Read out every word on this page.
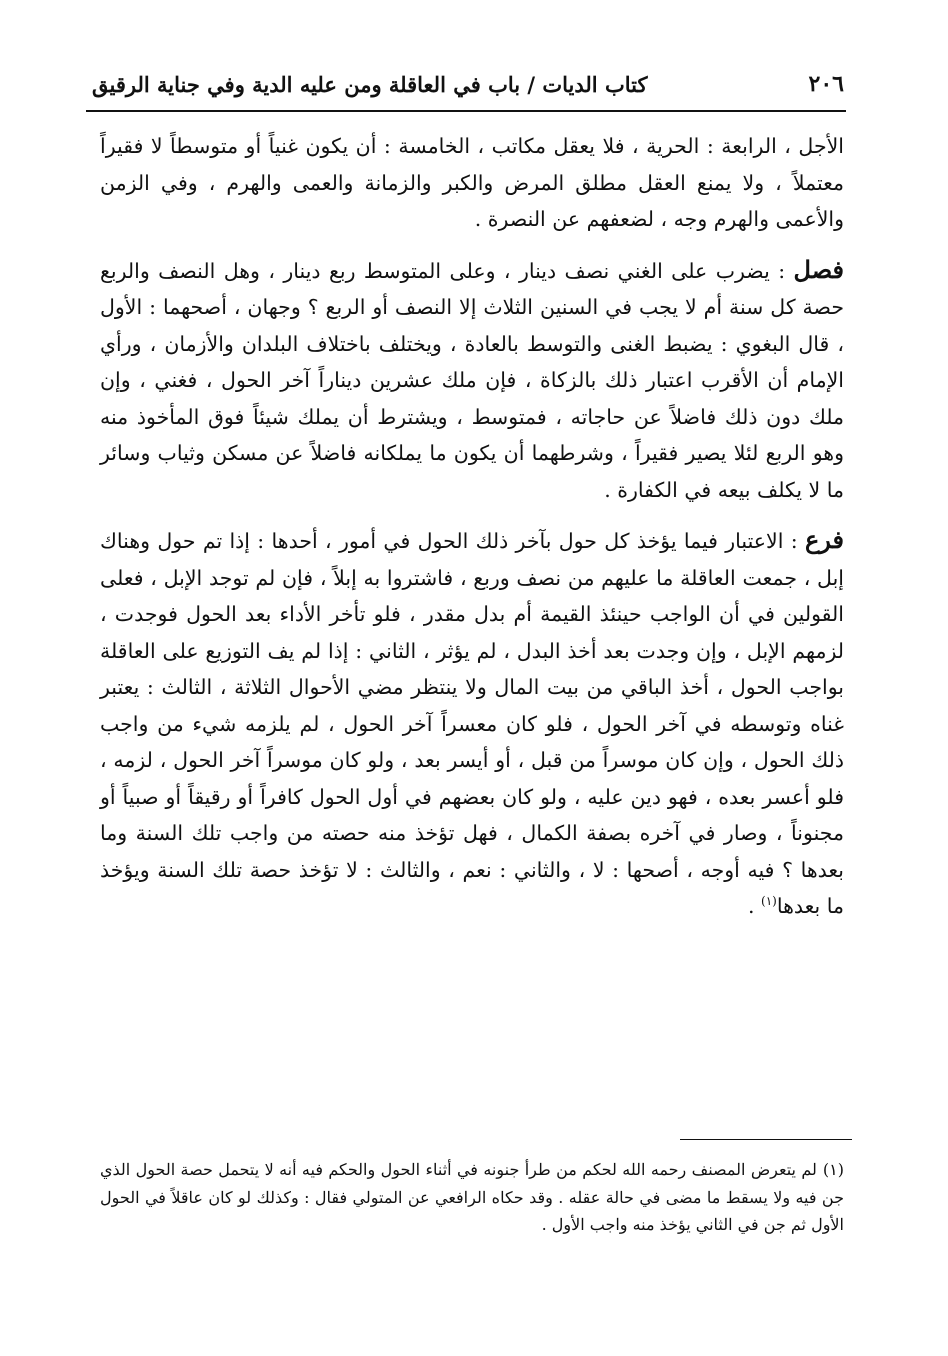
٢٠٦
كتاب الديات / باب في العاقلة ومن عليه الدية وفي جناية الرقيق

الأجل ، الرابعة : الحرية ، فلا يعقل مكاتب ، الخامسة : أن يكون غنياً أو متوسطاً لا فقيراً معتملاً ، ولا يمنع العقل مطلق المرض والكبر والزمانة والعمى والهرم ، وفي الزمن والأعمى والهرم وجه ، لضعفهم عن النصرة .

فصل : يضرب على الغني نصف دينار ، وعلى المتوسط ربع دينار ، وهل النصف والربع حصة كل سنة أم لا يجب في السنين الثلاث إلا النصف أو الربع ؟ وجهان ، أصحهما : الأول ، قال البغوي : يضبط الغنى والتوسط بالعادة ، ويختلف باختلاف البلدان والأزمان ، ورأي الإمام أن الأقرب اعتبار ذلك بالزكاة ، فإن ملك عشرين ديناراً آخر الحول ، فغني ، وإن ملك دون ذلك فاضلاً عن حاجاته ، فمتوسط ، ويشترط أن يملك شيئاً فوق المأخوذ منه وهو الربع لئلا يصير فقيراً ، وشرطهما أن يكون ما يملكانه فاضلاً عن مسكن وثياب وسائر ما لا يكلف بيعه في الكفارة .

فرع : الاعتبار فيما يؤخذ كل حول بآخر ذلك الحول في أمور ، أحدها : إذا تم حول وهناك إبل ، جمعت العاقلة ما عليهم من نصف وربع ، فاشتروا به إبلاً ، فإن لم توجد الإبل ، فعلى القولين في أن الواجب حينئذ القيمة أم بدل مقدر ، فلو تأخر الأداء بعد الحول فوجدت ، لزمهم الإبل ، وإن وجدت بعد أخذ البدل ، لم يؤثر ، الثاني : إذا لم يف التوزيع على العاقلة بواجب الحول ، أخذ الباقي من بيت المال ولا ينتظر مضي الأحوال الثلاثة ، الثالث : يعتبر غناه وتوسطه في آخر الحول ، فلو كان معسراً آخر الحول ، لم يلزمه شيء من واجب ذلك الحول ، وإن كان موسراً من قبل ، أو أيسر بعد ، ولو كان موسراً آخر الحول ، لزمه ، فلو أعسر بعده ، فهو دين عليه ، ولو كان بعضهم في أول الحول كافراً أو رقيقاً أو صبياً أو مجنوناً ، وصار في آخره بصفة الكمال ، فهل تؤخذ منه حصته من واجب تلك السنة وما بعدها ؟ فيه أوجه ، أصحها : لا ، والثاني : نعم ، والثالث : لا تؤخذ حصة تلك السنة ويؤخذ ما بعدها$^{(١)}$ .

(١)لم يتعرض المصنف رحمه الله لحكم من طرأ جنونه في أثناء الحول والحكم فيه أنه لا يتحمل حصة الحول الذي جن فيه ولا يسقط ما مضى في حالة عقله . وقد حكاه الرافعي عن المتولي فقال : وكذلك لو كان عاقلاً في الحول الأول ثم جن في الثاني يؤخذ منه واجب الأول .
